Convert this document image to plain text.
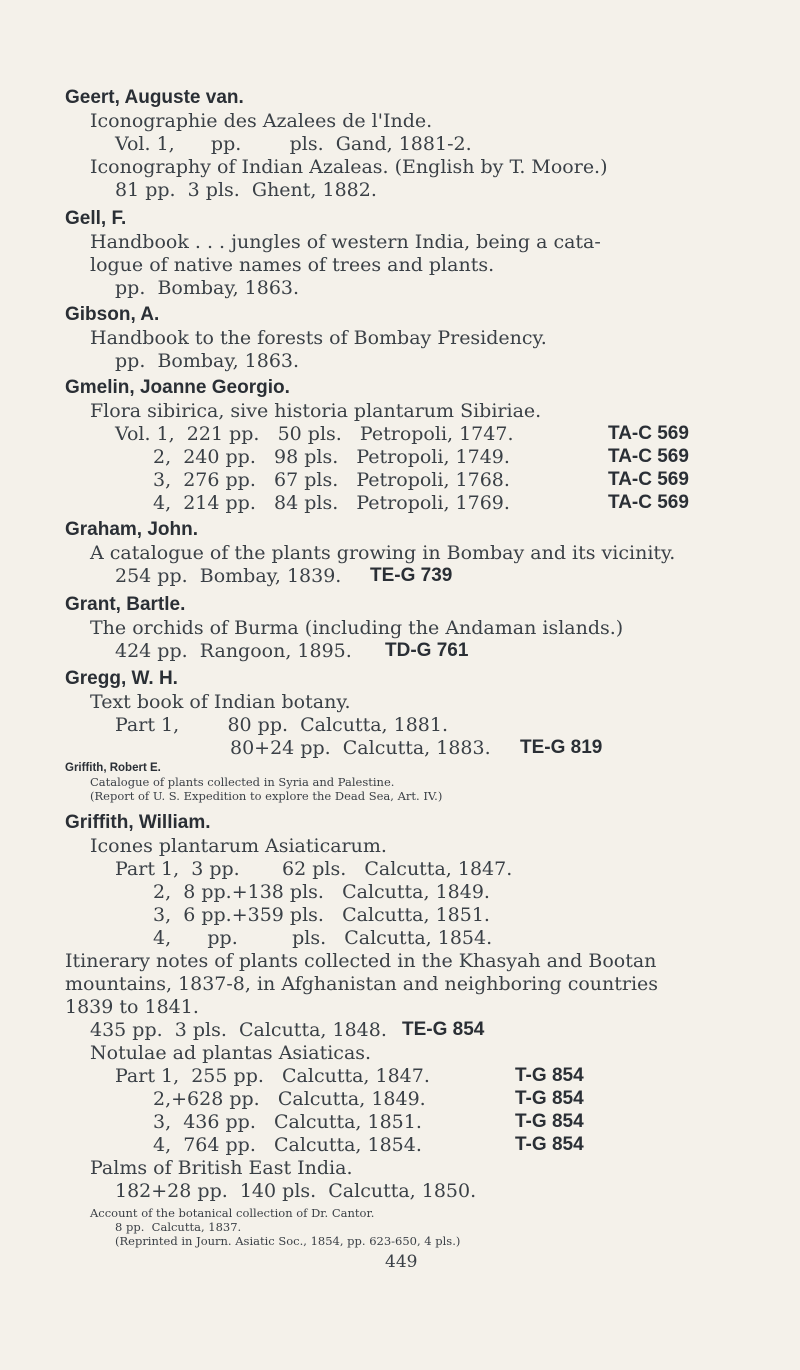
Geert, Auguste van.
Iconographie des Azalees de l'Inde.
Vol. 1,      pp.        pls.  Gand, 1881-2.
Iconography of Indian Azaleas. (English by T. Moore.)
81 pp.  3 pls.  Ghent, 1882.
Gell, F.
Handbook . . . jungles of western India, being a cata-
logue of native names of trees and plants.
pp.  Bombay, 1863.
Gibson, A.
Handbook to the forests of Bombay Presidency.
pp.  Bombay, 1863.
Gmelin, Joanne Georgio.
Flora sibirica, sive historia plantarum Sibiriae.
Vol. 1,  221 pp.   50 pls.   Petropoli, 1747.	TA-C 569
2,  240 pp.   98 pls.   Petropoli, 1749.	TA-C 569
3,  276 pp.   67 pls.   Petropoli, 1768.	TA-C 569
4,  214 pp.   84 pls.   Petropoli, 1769.	TA-C 569
Graham, John.
A catalogue of the plants growing in Bombay and its vicinity.
254 pp.  Bombay, 1839. TE-G 739
Grant, Bartle.
The orchids of Burma (including the Andaman islands.)
424 pp.  Rangoon, 1895. TD-G 761
Gregg, W. H.
Text book of Indian botany.
Part 1,        80 pp.  Calcutta, 1881.
80+24 pp.  Calcutta, 1883. TE-G 819
Griffith, Robert E.
Catalogue of plants collected in Syria and Palestine.
(Report of U. S. Expedition to explore the Dead Sea, Art. IV.)
Griffith, William.
Icones plantarum Asiaticarum.
Part 1,  3 pp.       62 pls.   Calcutta, 1847.
2,  8 pp.+138 pls.   Calcutta, 1849.
3,  6 pp.+359 pls.   Calcutta, 1851.
4,      pp.         pls.   Calcutta, 1854.
Itinerary notes of plants collected in the Khasyah and Bootan
mountains, 1837-8, in Afghanistan and neighboring countries
1839 to 1841.
435 pp.  3 pls.  Calcutta, 1848. TE-G 854
Notulae ad plantas Asiaticas.
Part 1,  255 pp.   Calcutta, 1847.	T-G 854
2,+628 pp.   Calcutta, 1849.	T-G 854
3,  436 pp.   Calcutta, 1851.	T-G 854
4,  764 pp.   Calcutta, 1854.	T-G 854
Palms of British East India.
182+28 pp.  140 pls.  Calcutta, 1850.
Account of the botanical collection of Dr. Cantor.
8 pp.  Calcutta, 1837.
(Reprinted in Journ. Asiatic Soc., 1854, pp. 623-650, 4 pls.)
449
